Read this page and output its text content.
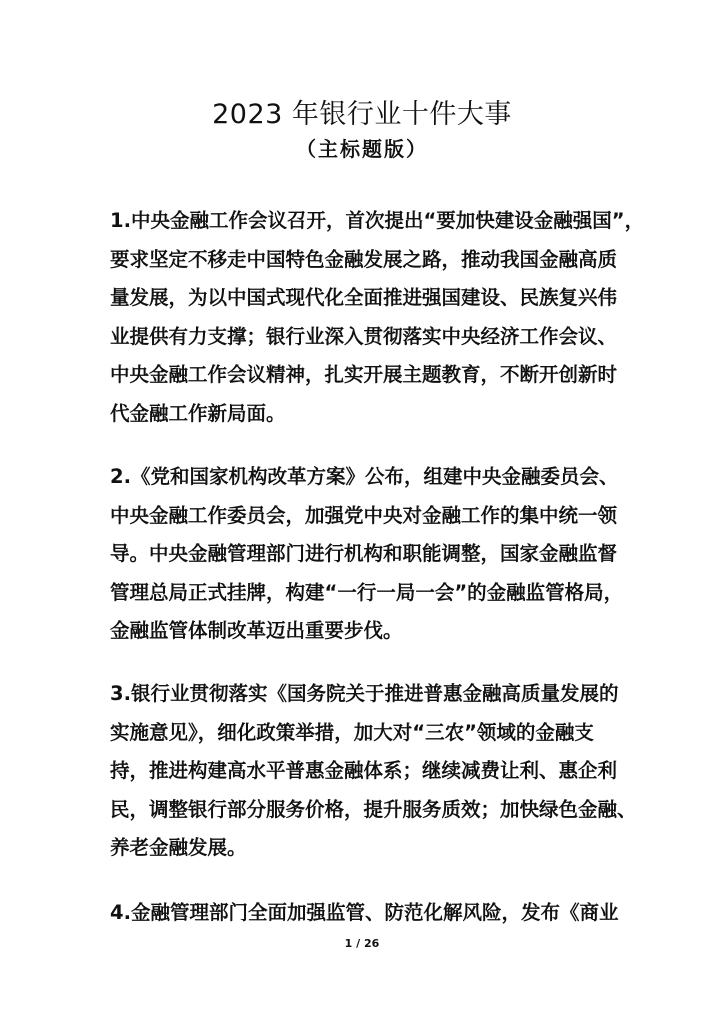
2023 年银行业十件大事
（主标题版）
1.中央金融工作会议召开，首次提出“要加快建设金融强国”，
要求坚定不移走中国特色金融发展之路，推动我国金融高质
量发展，为以中国式现代化全面推进强国建设、民族复兴伟
业提供有力支撑；银行业深入贯彻落实中央经济工作会议、
中央金融工作会议精神，扎实开展主题教育，不断开创新时
代金融工作新局面。
2.《党和国家机构改革方案》公布，组建中央金融委员会、
中央金融工作委员会，加强党中央对金融工作的集中统一领
导。中央金融管理部门进行机构和职能调整，国家金融监督
管理总局正式挂牌，构建“一行一局一会”的金融监管格局，
金融监管体制改革迈出重要步伐。
3.银行业贯彻落实《国务院关于推进普惠金融高质量发展的
实施意见》，细化政策举措，加大对“三农”领域的金融支
持，推进构建高水平普惠金融体系；继续减费让利、惠企利
民，调整银行部分服务价格，提升服务质效；加快绿色金融、
养老金融发展。
4.金融管理部门全面加强监管、防范化解风险，发布《商业
1 / 26
